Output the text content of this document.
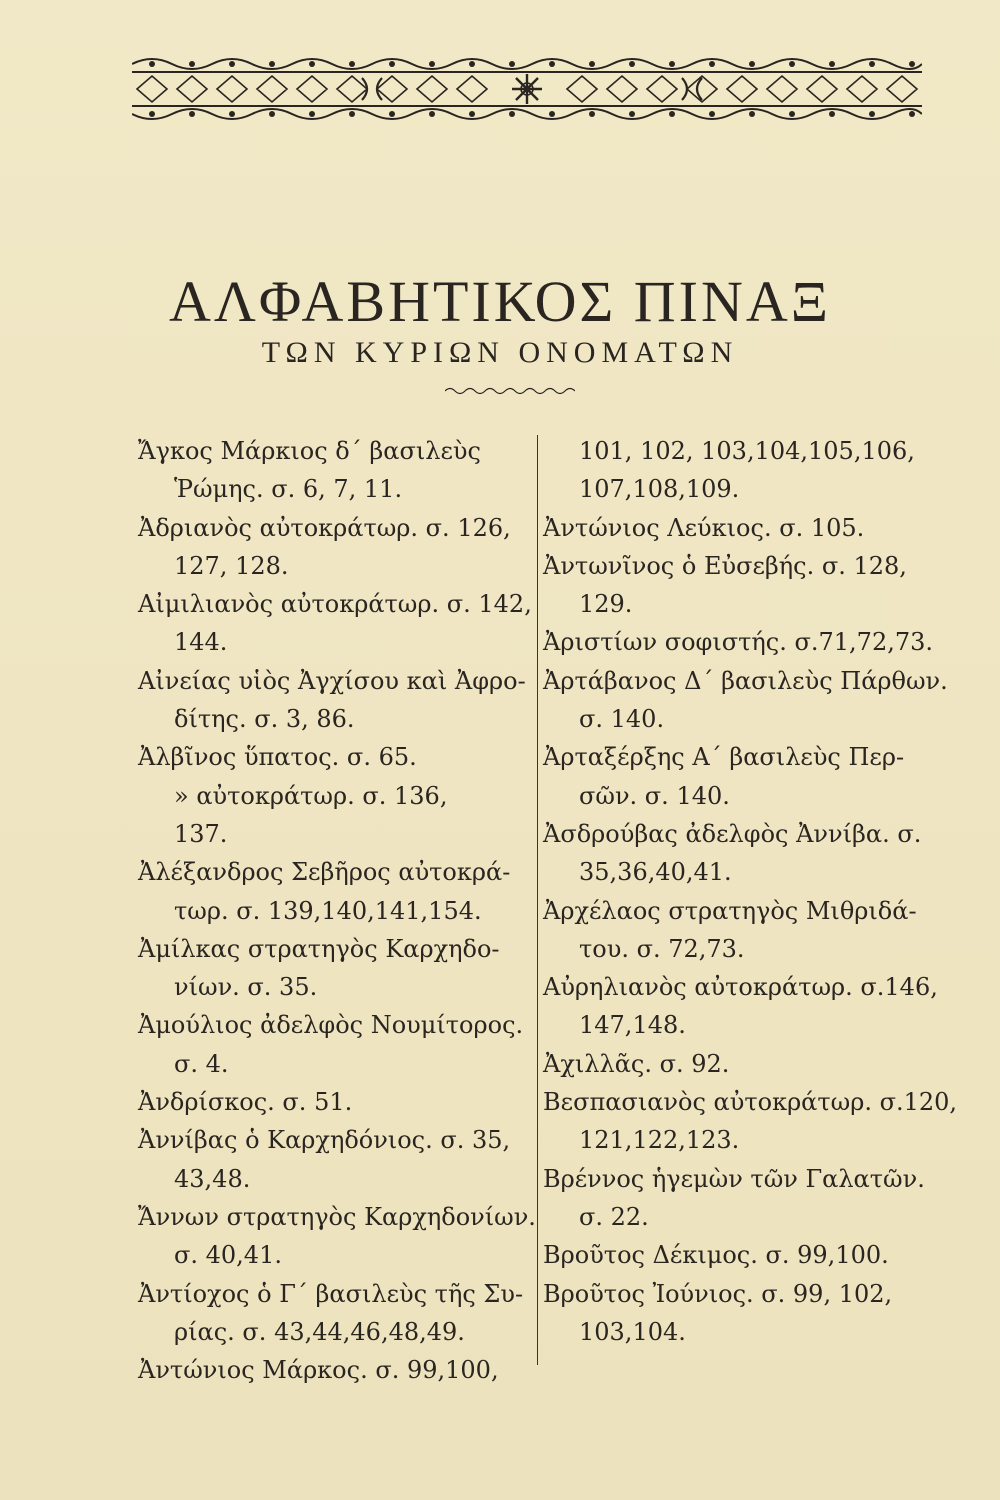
ΑΛΦΑΒΗΤΙΚΟΣ ΠΙΝΑΞ
ΤΩΝ ΚΥΡΙΩΝ ΟΝΟΜΑΤΩΝ
Ἄγκος Μάρκιος δ΄ βασιλεὺς
Ῥώμης. σ. 6, 7, 11.
Ἀδριανὸς αὐτοκράτωρ. σ. 126,
127, 128.
Αἰμιλιανὸς αὐτοκράτωρ. σ. 142,
144.
Αἰνείας υἱὸς Ἀγχίσου καὶ Ἀφρο-
δίτης. σ. 3, 86.
Ἀλβῖνος ὕπατος. σ. 65.
» αὐτοκράτωρ. σ. 136,
137.
Ἀλέξανδρος Σεβῆρος αὐτοκρά-
τωρ. σ. 139,140,141,154.
Ἀμίλκας στρατηγὸς Καρχηδο-
νίων. σ. 35.
Ἀμούλιος ἀδελφὸς Νουμίτορος.
σ. 4.
Ἀνδρίσκος. σ. 51.
Ἀννίβας ὁ Καρχηδόνιος. σ. 35,
43,48.
Ἄννων στρατηγὸς Καρχηδονίων.
σ. 40,41.
Ἀντίοχος ὁ Γ΄ βασιλεὺς τῆς Συ-
ρίας. σ. 43,44,46,48,49.
Ἀντώνιος Μάρκος. σ. 99,100,
101, 102, 103,104,105,106,
107,108,109.
Ἀντώνιος Λεύκιος. σ. 105.
Ἀντωνῖνος ὁ Εὐσεβής. σ. 128,
129.
Ἀριστίων σοφιστής. σ.71,72,73.
Ἀρτάβανος Δ΄ βασιλεὺς Πάρθων.
σ. 140.
Ἀρταξέρξης Α΄ βασιλεὺς Περ-
σῶν. σ. 140.
Ἀσδρούβας ἀδελφὸς Ἀννίβα. σ.
35,36,40,41.
Ἀρχέλαος στρατηγὸς Μιθριδά-
του. σ. 72,73.
Αὐρηλιανὸς αὐτοκράτωρ. σ.146,
147,148.
Ἀχιλλᾶς. σ. 92.
Βεσπασιανὸς αὐτοκράτωρ. σ.120,
121,122,123.
Βρέννος ἡγεμὼν τῶν Γαλατῶν.
σ. 22.
Βροῦτος Δέκιμος. σ. 99,100.
Βροῦτος Ἰούνιος. σ. 99, 102,
103,104.
